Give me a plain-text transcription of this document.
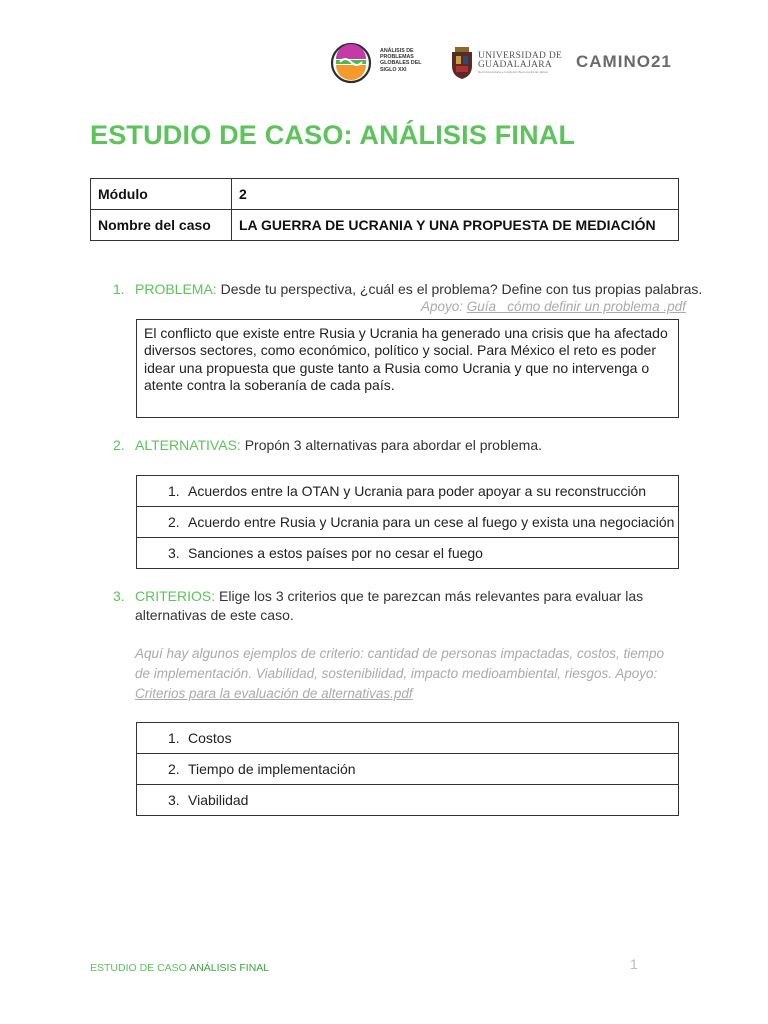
ANÁLISIS DE PROBLEMAS GLOBALES DEL SIGLO XXI
UNIVERSIDAD DE
GUADALAJARA
Red Universitaria e Institución Benemérita de Jalisco
CAMINO21
ESTUDIO DE CASO: ANÁLISIS FINAL
Módulo	2
Nombre del caso	LA GUERRA DE UCRANIA Y UNA PROPUESTA DE MEDIACIÓN
1. PROBLEMA: Desde tu perspectiva, ¿cuál es el problema? Define con tus propias palabras.
Apoyo: Guía_ cómo definir un problema .pdf
El conflicto que existe entre Rusia y Ucrania ha generado una crisis que ha afectado diversos sectores, como económico, político y social. Para México el reto es poder idear una propuesta que guste tanto a Rusia como Ucrania y que no intervenga o atente contra la soberanía de cada país.
2. ALTERNATIVAS: Propón 3 alternativas para abordar el problema.
1. Acuerdos entre la OTAN y Ucrania para poder apoyar a su reconstrucción
2. Acuerdo entre Rusia y Ucrania para un cese al fuego y exista una negociación
3. Sanciones a estos países por no cesar el fuego
3. CRITERIOS: Elige los 3 criterios que te parezcan más relevantes para evaluar las
alternativas de este caso.
Aquí hay algunos ejemplos de criterio: cantidad de personas impactadas, costos, tiempo de implementación. Viabilidad, sostenibilidad, impacto medioambiental, riesgos. Apoyo: Criterios para la evaluación de alternativas.pdf
1. Costos
2. Tiempo de implementación
3. Viabilidad
ESTUDIO DE CASO ANÁLISIS FINAL	1
